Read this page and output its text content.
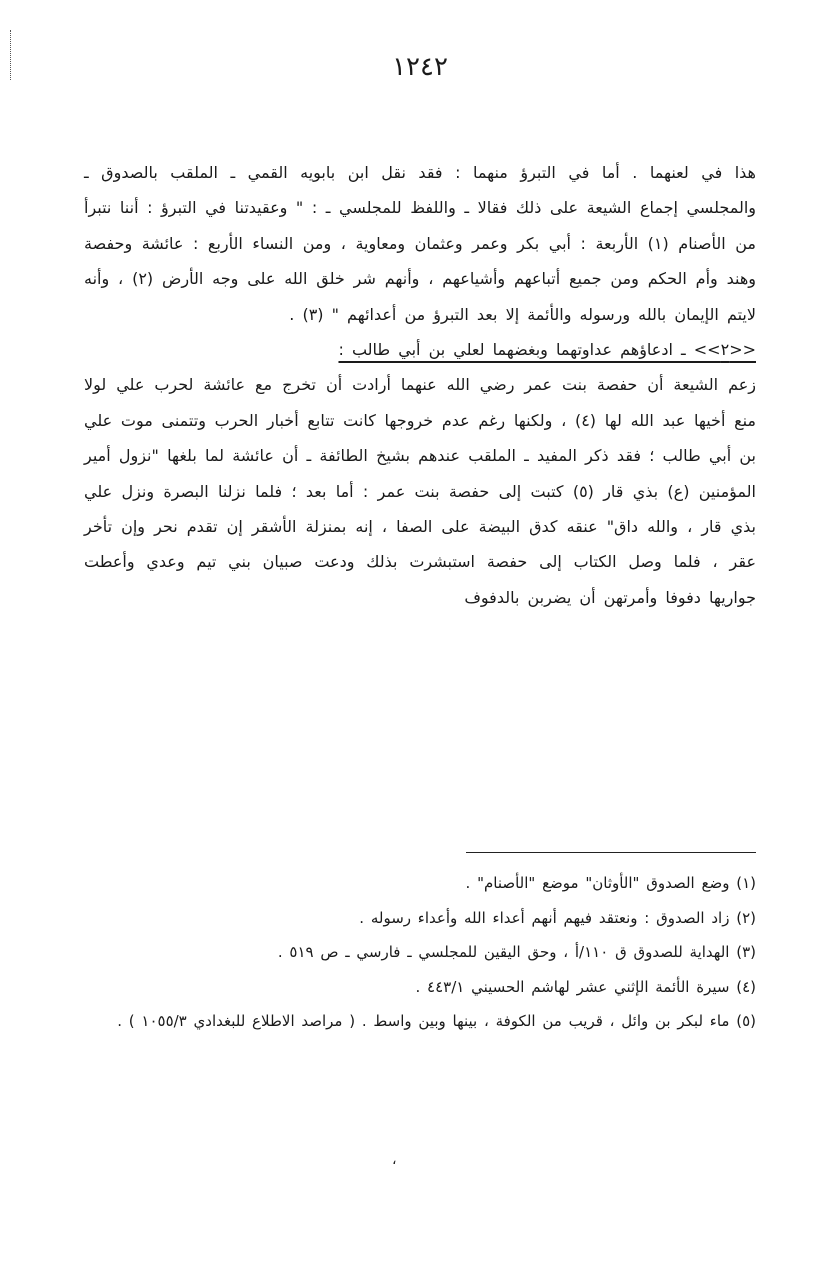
١٢٤٢

هذا في لعنهما . أما في التبرؤ منهما : فقد نقل ابن بابويه القمي ـ الملقب بالصدوق ـ والمجلسي إجماع الشيعة على ذلك فقالا ـ واللفظ للمجلسي ـ : " وعقيدتنا في التبرؤ : أننا نتبرأ من الأصنام (١) الأربعة : أبي بكر وعمر وعثمان ومعاوية ، ومن النساء الأربع : عائشة وحفصة وهند وأم الحكم ومن جميع أتباعهم وأشياعهم ، وأنهم شر خلق الله على وجه الأرض (٢) ، وأنه لايتم الإيمان بالله ورسوله والأئمة إلا بعد التبرؤ من أعدائهم " (٣) .

<<٢>> ـ ادعاؤهم عداوتهما وبغضهما لعلي بن أبي طالب :

زعم الشيعة أن حفصة بنت عمر رضي الله عنهما أرادت أن تخرج مع عائشة لحرب علي لولا منع أخيها عبد الله لها (٤) ، ولكنها رغم عدم خروجها كانت تتابع أخبار الحرب وتتمنى موت علي بن أبي طالب ؛ فقد ذكر المفيد ـ الملقب عندهم بشيخ الطائفة ـ أن عائشة لما بلغها "نزول أمير المؤمنين (ع) بذي قار (٥) كتبت إلى حفصة بنت عمر : أما بعد ؛ فلما نزلنا البصرة ونزل علي بذي قار ، والله داق" عنقه كدق البيضة على الصفا ، إنه بمنزلة الأشقر إن تقدم نحر وإن تأخر عقر ، فلما وصل الكتاب إلى حفصة استبشرت بذلك ودعت صبيان بني تيم وعدي وأعطت جواريها دفوفا وأمرتهن أن يضربن بالدفوف

(١) وضع الصدوق "الأوثان" موضع "الأصنام" .

(٢) زاد الصدوق : ونعتقد فيهم أنهم أعداء الله وأعداء رسوله .

(٣) الهداية للصدوق ق ١١٠/أ ، وحق اليقين للمجلسي ـ فارسي ـ ص ٥١٩ .

(٤) سيرة الأئمة الإثني عشر لهاشم الحسيني ٤٤٣/١ .

(٥) ماء لبكر بن وائل ، قريب من الكوفة ، بينها وبين واسط . ( مراصد الاطلاع للبغدادي ١٠٥٥/٣ ) .

،
